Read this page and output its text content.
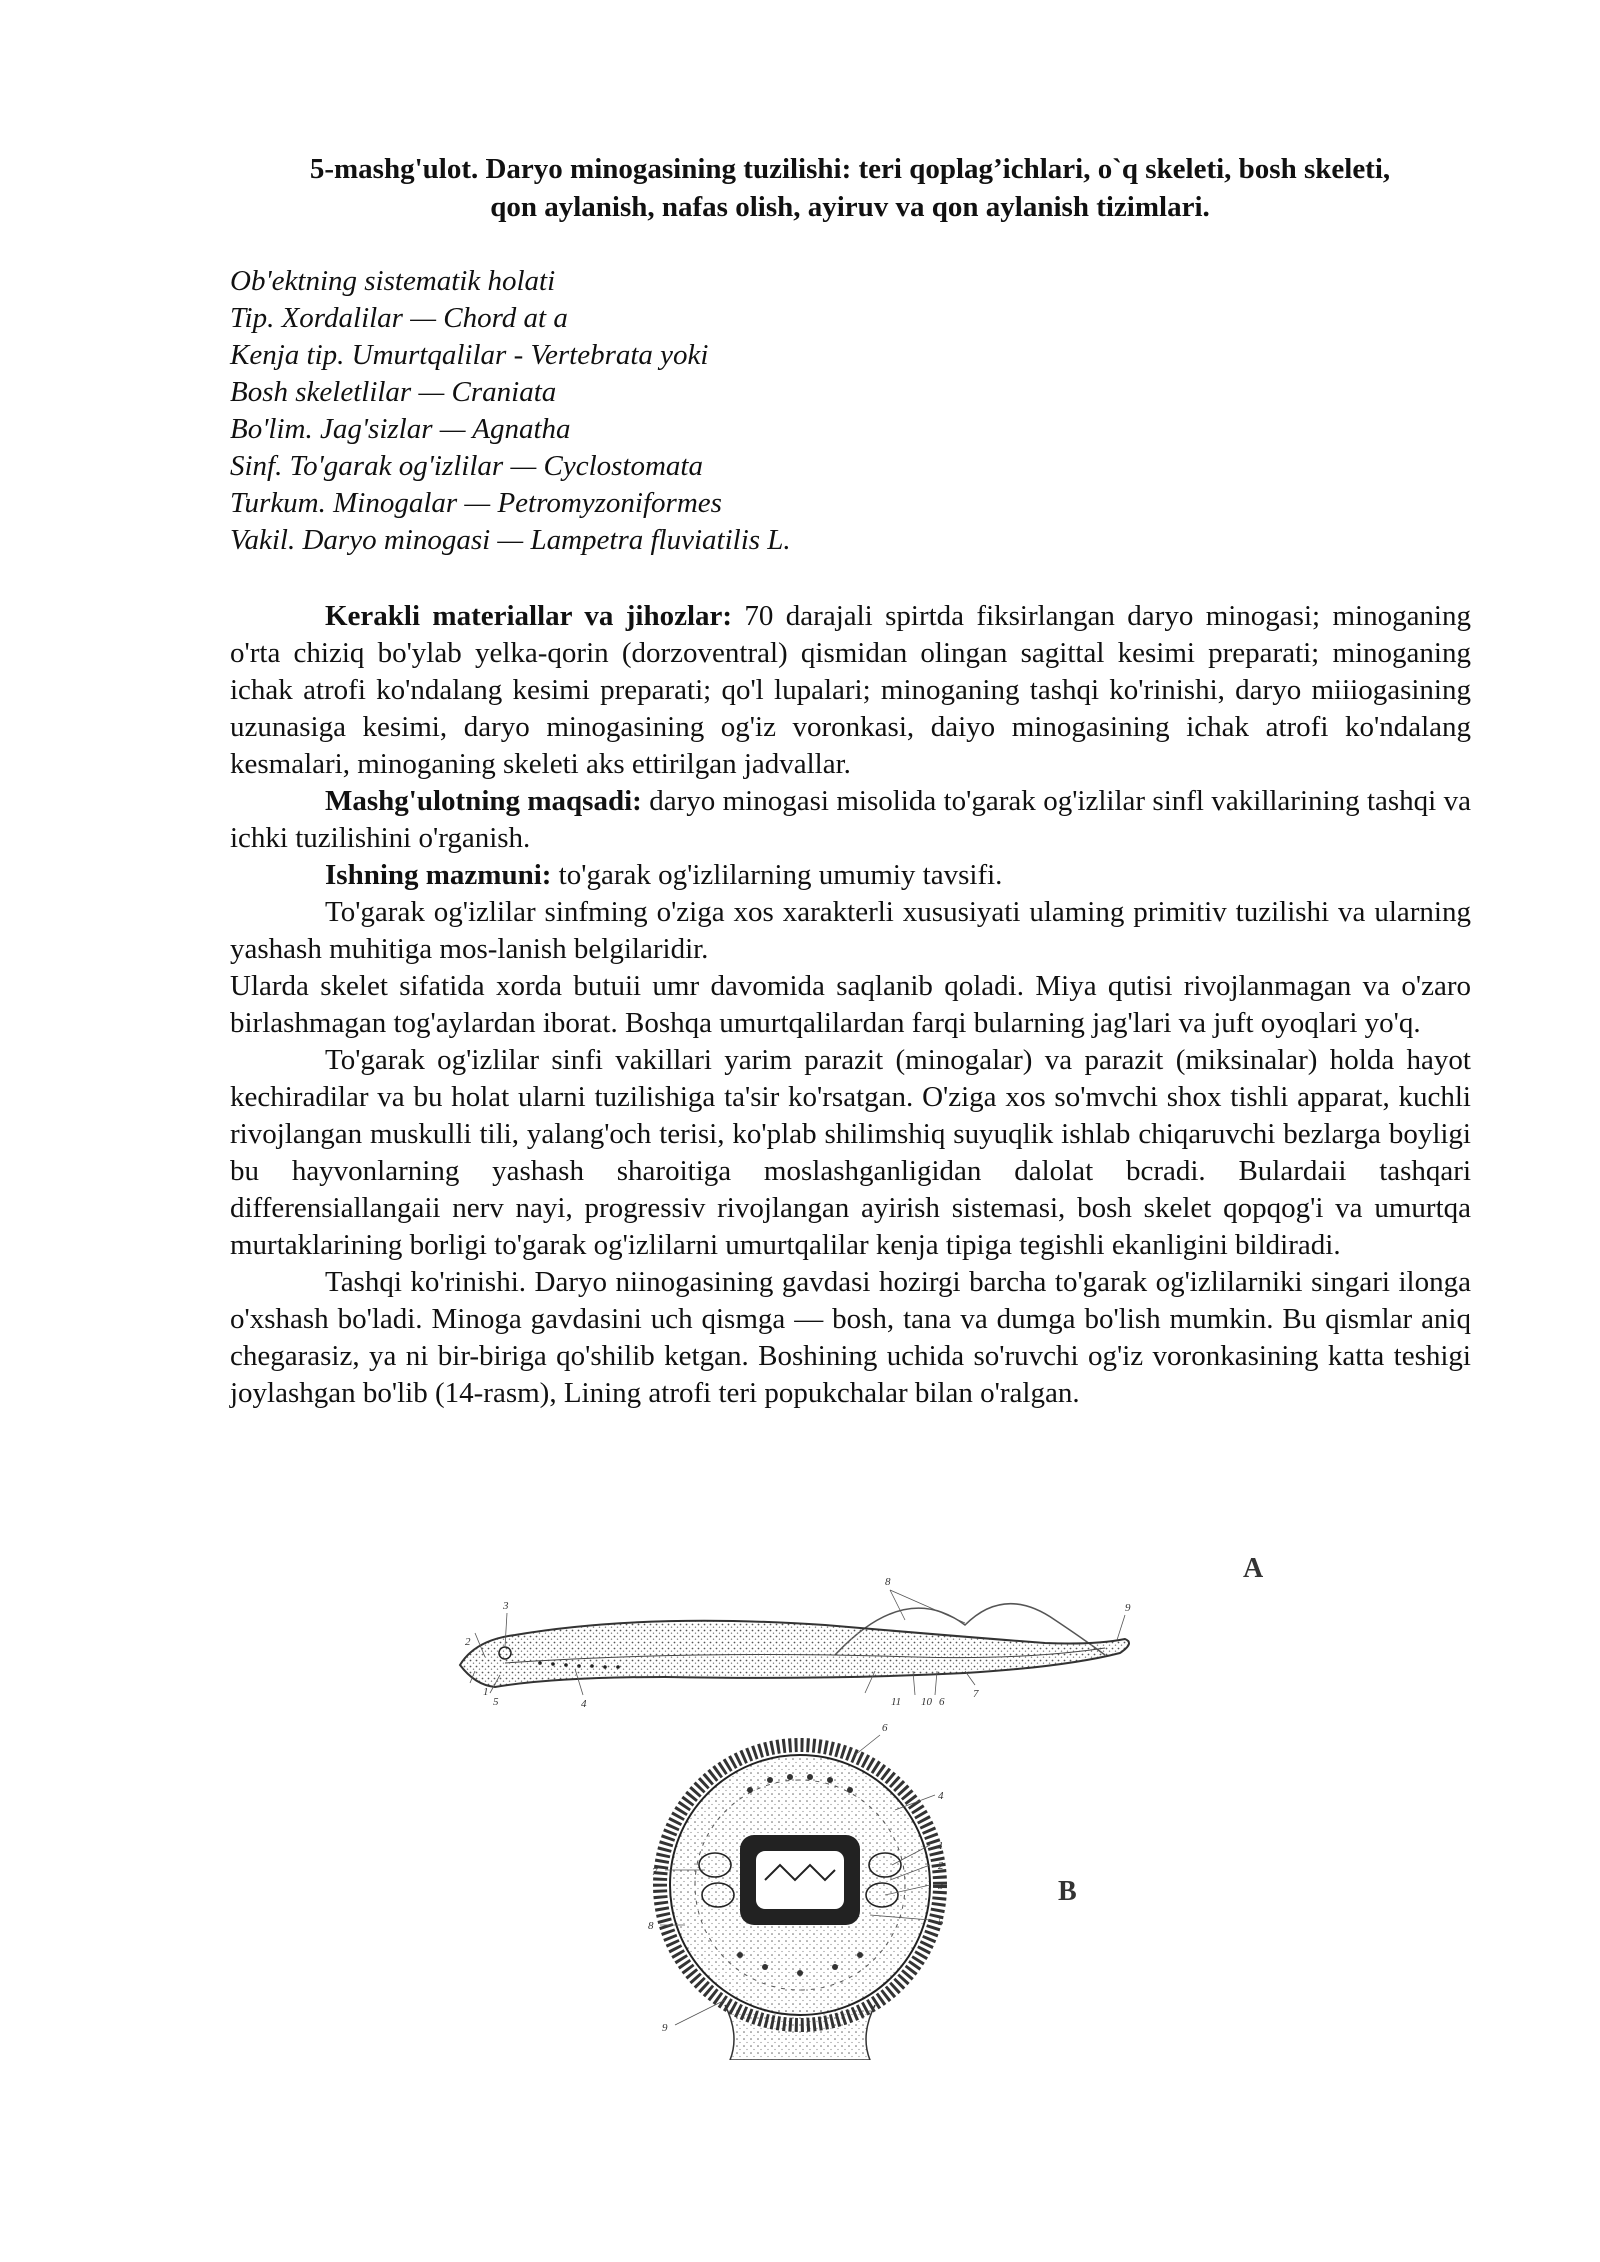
5-mashg'ulot. Daryo minogasining tuzilishi: teri qoplag’ichlari, o`q skeleti, bosh skeleti,
qon aylanish, nafas olish, ayiruv va qon aylanish tizimlari.
Ob'ektning sistematik holati
Tip. Xordalilar — Chord at a
Kenja tip. Umurtqalilar - Vertebrata yoki
Bosh skeletlilar — Craniata
Bo'lim. Jag'sizlar — Agnatha
Sinf. To'garak og'izlilar — Cyclostomata
Turkum. Minogalar — Petromyzoniformes
Vakil. Daryo minogasi — Lampetra fluviatilis L.

Kerakli materiallar va jihozlar: 70 darajali spirtda fiksirlangan daryo minogasi; minoganing o'rta chiziq bo'ylab yelka-qorin (dorzoventral) qismidan olingan sagittal kesimi preparati; minoganing ichak atrofi ko'ndalang kesimi preparati; qo'l lupalari; minoganing tashqi ko'rinishi, daryo miiiogasining uzunasiga kesimi, daryo minogasining og'iz voronkasi, daiyo minogasining ichak atrofi ko'ndalang kesmalari, minoganing skeleti aks ettirilgan jadvallar.

Mashg'ulotning maqsadi: daryo minogasi misolida to'garak og'izlilar sinfl vakillarining tashqi va ichki tuzilishini o'rganish.

Ishning mazmuni: to'garak og'izlilarning umumiy tavsifi.

To'garak og'izlilar sinfming o'ziga xos xarakterli xususiyati ulaming primitiv tuzilishi va ularning yashash muhitiga mos-lanish belgilaridir.

Ularda skelet sifatida xorda butuii umr davomida saqlanib qoladi. Miya qutisi rivojlanmagan va o'zaro birlashmagan tog'aylardan iborat. Boshqa umurtqalilardan farqi bularning jag'lari va juft oyoqlari yo'q.

To'garak og'izlilar sinfi vakillari yarim parazit (minogalar) va parazit (miksinalar) holda hayot kechiradilar va bu holat ularni tuzilishiga ta'sir ko'rsatgan. O'ziga xos so'mvchi shox tishli apparat, kuchli rivojlangan muskulli tili, yalang'och terisi, ko'plab shilimshiq suyuqlik ishlab chiqaruvchi bezlarga boyligi bu hayvonlarning yashash sharoitiga moslashganligidan dalolat bcradi. Bulardaii tashqari differensiallangaii nerv nayi, progressiv rivojlangan ayirish sistemasi, bosh skelet qopqog'i va umurtqa murtaklarining borligi to'garak og'izlilarni umurtqalilar kenja tipiga tegishli ekanligini bildiradi.

Tashqi ko'rinishi. Daryo niinogasining gavdasi hozirgi barcha to'garak og'izlilarniki singari ilonga o'xshash bo'ladi. Minoga gavdasini uch qismga — bosh, tana va dumga bo'lish mumkin. Bu qismlar aniq chegarasiz, ya ni bir-biriga qo'shilib ketgan. Boshining uchida so'ruvchi og'iz voronkasining katta teshigi joylashgan bo'lib (14-rasm), Lining atrofi teri popukchalar bilan o'ralgan.

1
2
3
4
5	6
7
8
9
10
11
A
1
2
3
4
5
6
7
8
9
B
